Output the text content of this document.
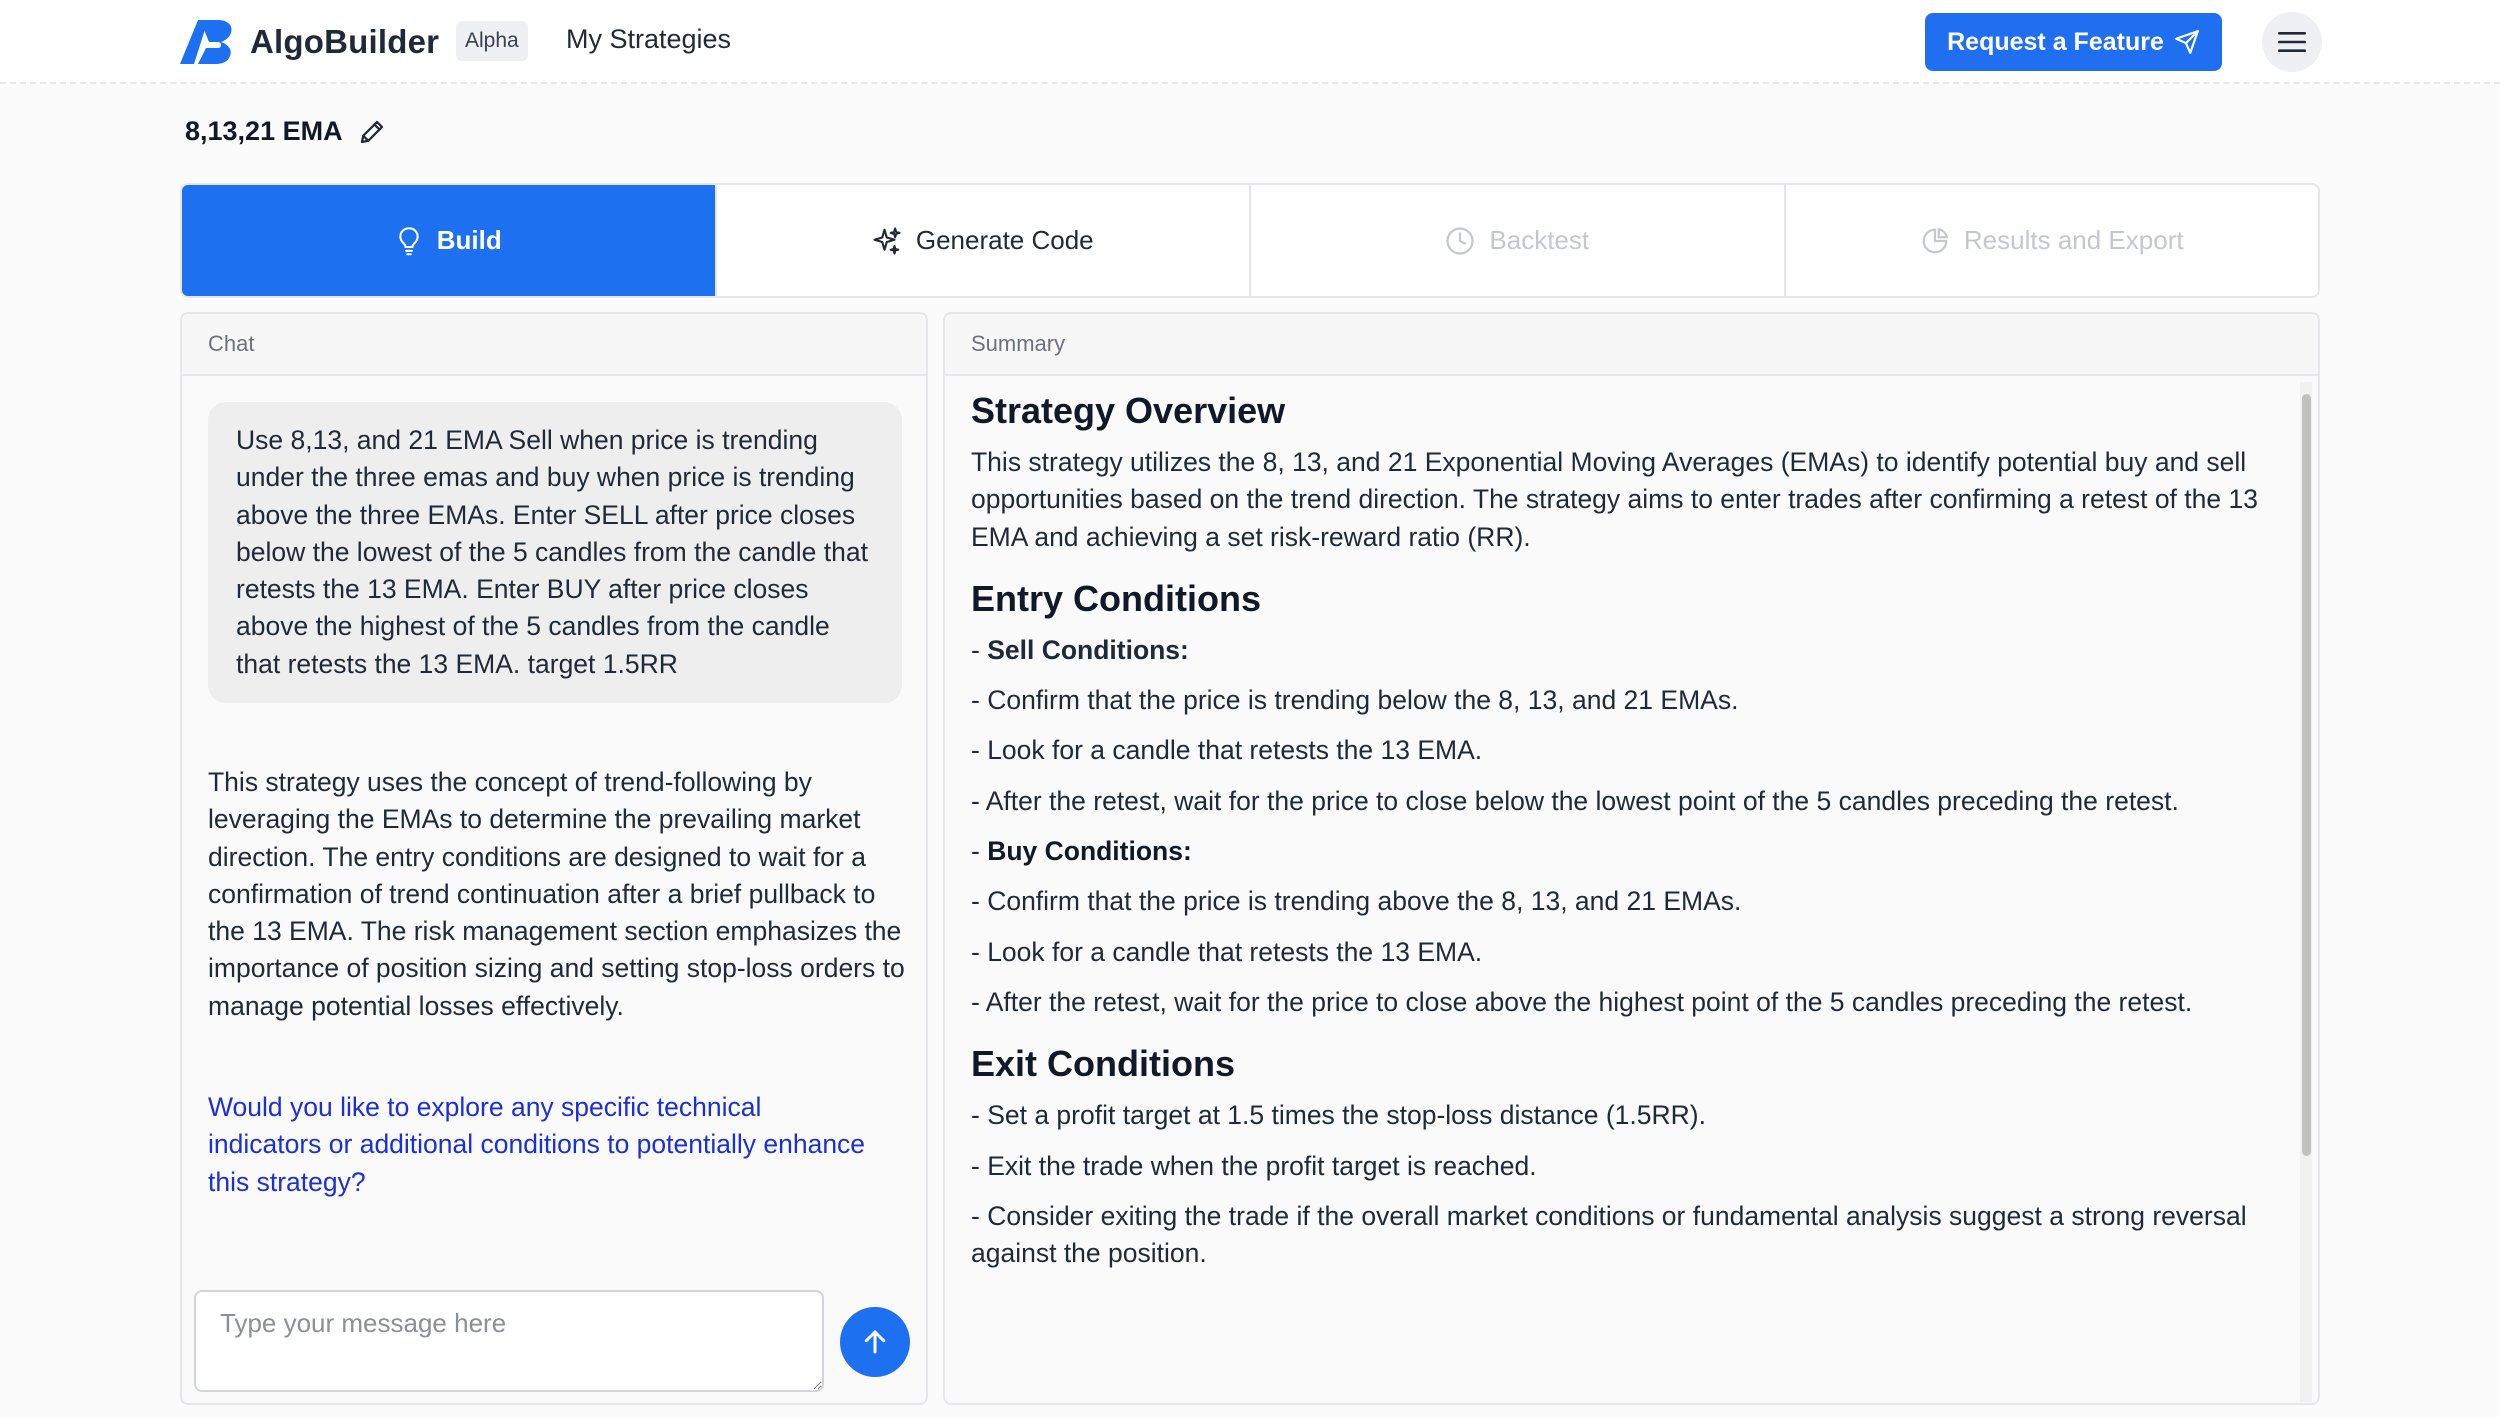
AlgoBuilder	Alpha	My Strategies	Request a Feature
8,13,21 EMA
Build	Generate Code	Backtest	Results and Export
Chat
Use 8,13, and 21 EMA Sell when price is trending under the three emas and buy when price is trending above the three EMAs. Enter SELL after price closes below the lowest of the 5 candles from the candle that retests the 13 EMA. Enter BUY after price closes above the highest of the 5 candles from the candle that retests the 13 EMA. target 1.5RR
This strategy uses the concept of trend-following by leveraging the EMAs to determine the prevailing market direction. The entry conditions are designed to wait for a confirmation of trend continuation after a brief pullback to the 13 EMA. The risk management section emphasizes the importance of position sizing and setting stop-loss orders to manage potential losses effectively.
Would you like to explore any specific technical indicators or additional conditions to potentially enhance this strategy?
Type your message here
Summary
Strategy Overview

This strategy utilizes the 8, 13, and 21 Exponential Moving Averages (EMAs) to identify potential buy and sell opportunities based on the trend direction. The strategy aims to enter trades after confirming a retest of the 13 EMA and achieving a set risk-reward ratio (RR).

Entry Conditions

- Sell Conditions:

- Confirm that the price is trending below the 8, 13, and 21 EMAs.

- Look for a candle that retests the 13 EMA.

- After the retest, wait for the price to close below the lowest point of the 5 candles preceding the retest.

- Buy Conditions:

- Confirm that the price is trending above the 8, 13, and 21 EMAs.

- Look for a candle that retests the 13 EMA.

- After the retest, wait for the price to close above the highest point of the 5 candles preceding the retest.

Exit Conditions

- Set a profit target at 1.5 times the stop-loss distance (1.5RR).

- Exit the trade when the profit target is reached.

- Consider exiting the trade if the overall market conditions or fundamental analysis suggest a strong reversal against the position.
